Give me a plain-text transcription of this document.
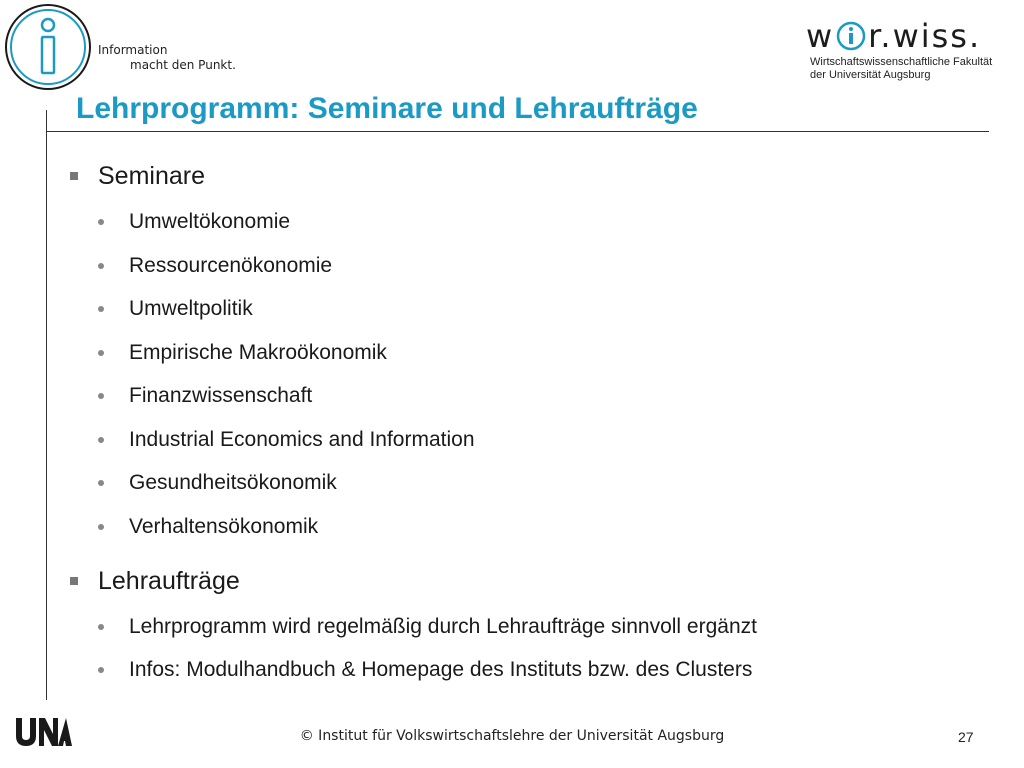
Information
macht den Punkt.
w r.wiss.
Wirtschaftswissenschaftliche Fakultät
der Universität Augsburg
Lehrprogramm: Seminare und Lehraufträge
Seminare
Umweltökonomie
Ressourcenökonomie
Umweltpolitik
Empirische Makroökonomik
Finanzwissenschaft
Industrial Economics and Information
Gesundheitsökonomik
Verhaltensökonomik
Lehraufträge
Lehrprogramm wird regelmäßig durch Lehraufträge sinnvoll ergänzt
Infos: Modulhandbuch & Homepage des Instituts bzw. des Clusters
© Institut für Volkswirtschaftslehre der Universität Augsburg	27
